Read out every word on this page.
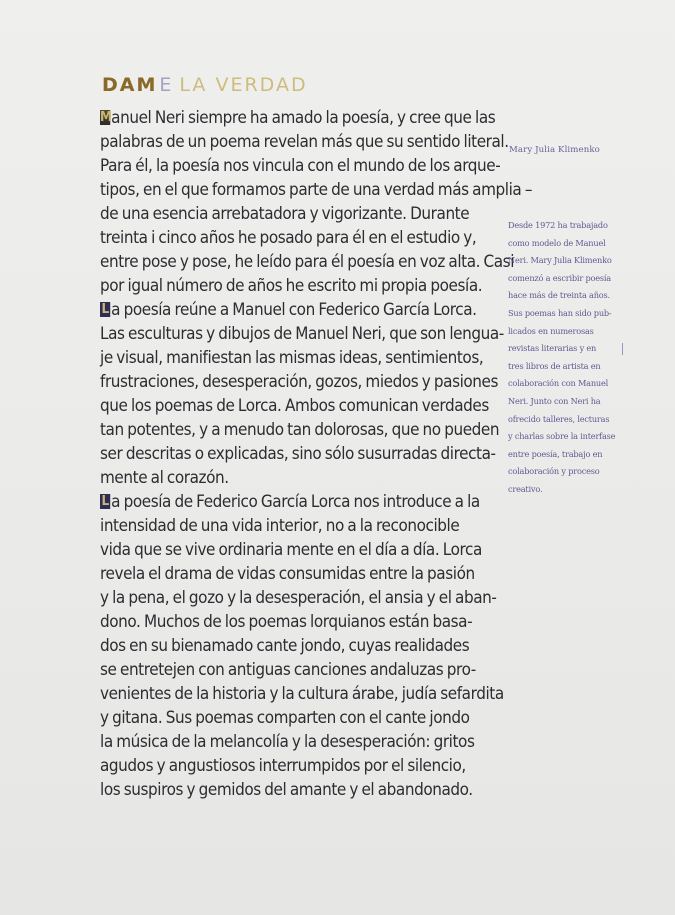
DAM E LA VERDAD
M anuel Neri siempre ha amado la poesía, y cree que las
palabras de un poema revelan más que su sentido literal.
Para él, la poesía nos vincula con el mundo de los arque-
tipos, en el que formamos parte de una verdad más amplia –
de una esencia arrebatadora y vigorizante. Durante
treinta i cinco años he posado para él en el estudio y,
entre pose y pose, he leído para él poesía en voz alta. Casi
por igual número de años he escrito mi propia poesía.
L a poesía reúne a Manuel con Federico García Lorca.
Las esculturas y dibujos de Manuel Neri, que son lengua-
je visual, manifiestan las mismas ideas, sentimientos,
frustraciones, desesperación, gozos, miedos y pasiones
que los poemas de Lorca. Ambos comunican verdades
tan potentes, y a menudo tan dolorosas, que no pueden
ser descritas o explicadas, sino sólo susurradas directa-
mente al corazón.
L a poesía de Federico García Lorca nos introduce a la
intensidad de una vida interior, no a la reconocible
vida que se vive ordinaria mente en el día a día. Lorca
revela el drama de vidas consumidas entre la pasión
y la pena, el gozo y la desesperación, el ansia y el aban-
dono. Muchos de los poemas lorquianos están basa-
dos en su bienamado cante jondo, cuyas realidades
se entretejen con antiguas canciones andaluzas pro-
venientes de la historia y la cultura árabe, judía sefardita
y gitana. Sus poemas comparten con el cante jondo
la música de la melancolía y la desesperación: gritos
agudos y angustiosos interrumpidos por el silencio,
los suspiros y gemidos del amante y el abandonado.
Mary Julia Klimenko
Desde 1972 ha trabajado
como modelo de Manuel
Neri. Mary Julia Klimenko
comenzó a escribir poesía
hace más de treinta años.
Sus poemas han sido pub-
licados en numerosas
revistas literarias y en
tres libros de artista en
colaboración con Manuel
Neri. Junto con Neri ha
ofrecido talleres, lecturas
y charlas sobre la interfase
entre poesía, trabajo en
colaboración y proceso
creativo.
